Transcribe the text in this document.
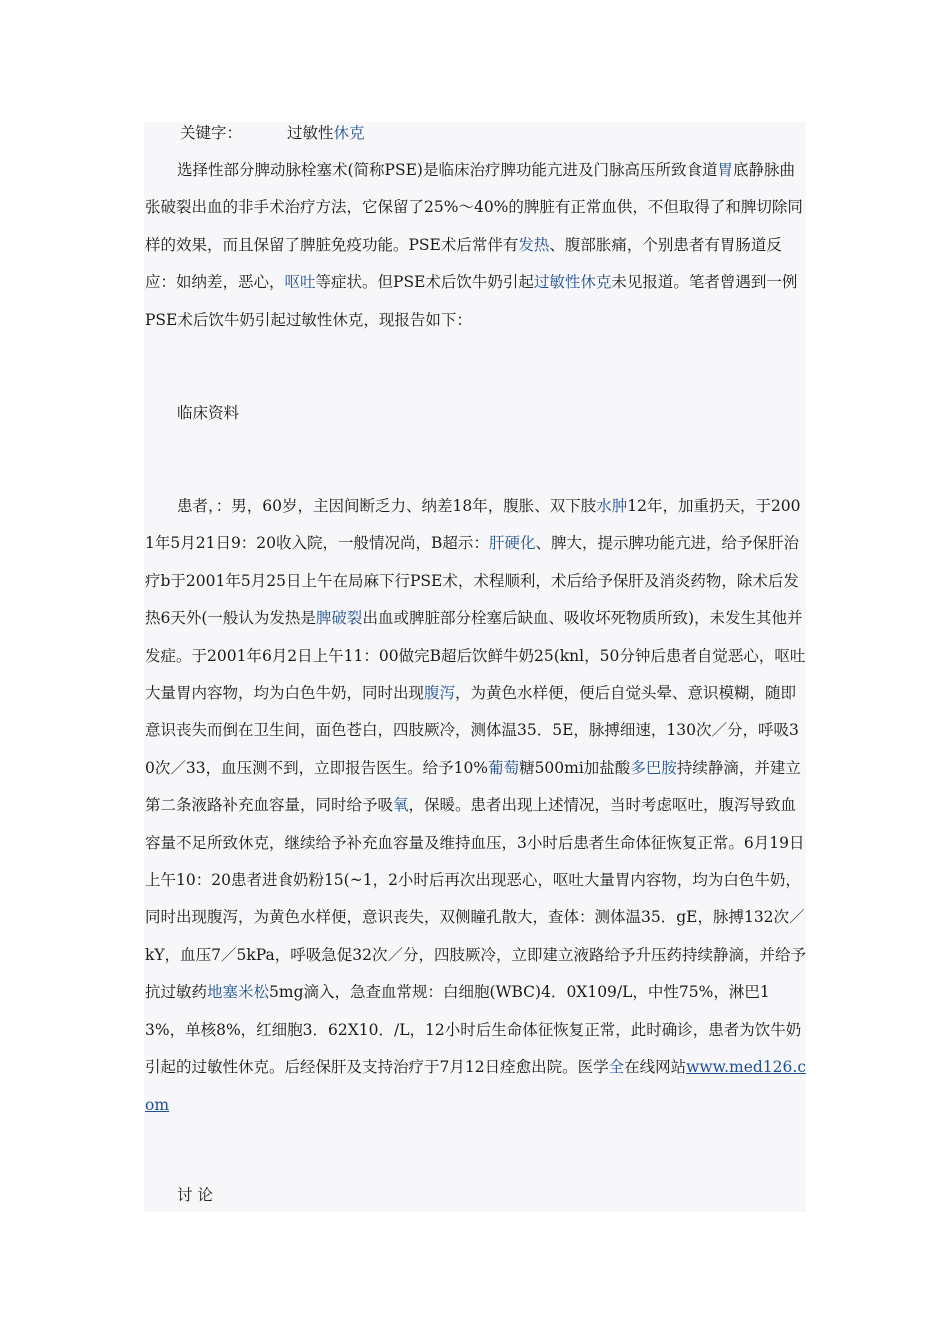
关键字：	过敏性休克

选择性部分脾动脉栓塞术(简称PSE)是临床治疗脾功能亢进及门脉高压所致食道胃底静脉曲张破裂出血的非手术治疗方法，它保留了25%～40%的脾脏有正常血供，不但取得了和脾切除同样的效果，而且保留了脾脏免疫功能。PSE术后常伴有发热、腹部胀痛，个别患者有胃肠道反应：如纳差，恶心，呕吐等症状。但PSE术后饮牛奶引起过敏性休克未见报道。笔者曾遇到一例PSE术后饮牛奶引起过敏性休克，现报告如下：

临床资料

患者，：男，60岁，主因间断乏力、纳差18年，腹胀、双下肢水肿12年，加重扔天，于2001年5月21日9：20收入院，一般情况尚，B超示：肝硬化、脾大，提示脾功能亢进，给予保肝治疗b于2001年5月25日上午在局麻下行PSE术，术程顺利，术后给予保肝及消炎药物，除术后发热6天外(一般认为发热是脾破裂出血或脾脏部分栓塞后缺血、吸收坏死物质所致)，未发生其他并发症。于2001年6月2日上午11：00做完B超后饮鲜牛奶25(knl，50分钟后患者自觉恶心，呕吐大量胃内容物，均为白色牛奶，同时出现腹泻，为黄色水样便，便后自觉头晕、意识模糊，随即意识丧失而倒在卫生间，面色苍白，四肢厥冷，测体温35．5E，脉搏细速，130次／分，呼吸30次／33，血压测不到，立即报告医生。给予10%葡萄糖500mi加盐酸多巴胺持续静滴，并建立第二条液路补充血容量，同时给予吸氧，保暖。患者出现上述情况，当时考虑呕吐，腹泻导致血容量不足所致休克，继续给予补充血容量及维持血压，3小时后患者生命体征恢复正常。6月19日上午10：20患者进食奶粉15(~1，2小时后再次出现恶心，呕吐大量胃内容物，均为白色牛奶，同时出现腹泻，为黄色水样便，意识丧失，双侧瞳孔散大，查体：测体温35．gE，脉搏132次／kY，血压7／5kPa，呼吸急促32次／分，四肢厥冷，立即建立液路给予升压药持续静滴，并给予抗过敏药地塞米松5mg滴入，急查血常规：白细胞(WBC)4．0X109/L，中性75%，淋巴13%，单核8%，红细胞3．62X10．/L，12小时后生命体征恢复正常，此时确诊，患者为饮牛奶引起的过敏性休克。后经保肝及支持治疗于7月12日痊愈出院。医学全在线网站www.med126.com

讨 论
